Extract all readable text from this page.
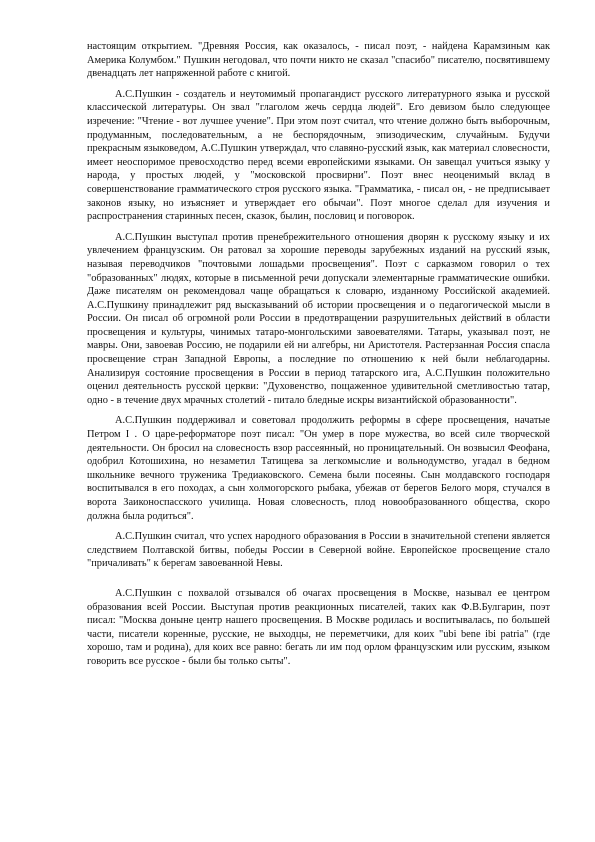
настоящим открытием. "Древняя Россия, как оказалось, - писал поэт, - найдена Карамзиным как Америка Колумбом." Пушкин негодовал, что почти никто не сказал "спасибо" писателю, посвятившему двенадцать лет напряженной работе с книгой.

А.С.Пушкин - создатель и неутомимый пропагандист русского литературного языка и русской классической литературы. Он звал "глаголом жечь сердца людей". Его девизом было следующее изречение: "Чтение - вот лучшее учение". При этом поэт считал, что чтение должно быть выборочным, продуманным, последовательным, а не беспорядочным, эпизодическим, случайным. Будучи прекрасным языковедом, А.С.Пушкин утверждал, что славяно-русский язык, как материал словесности, имеет неоспоримое превосходство перед всеми европейскими языками. Он завещал учиться языку у народа, у простых людей, у "московской просвирни". Поэт внес неоценимый вклад в совершенствование грамматического строя русского языка. "Грамматика, - писал он, - не предписывает законов языку, но изъясняет и утверждает его обычаи". Поэт многое сделал для изучения и распространения старинных песен, сказок, былин, пословиц и поговорок.

А.С.Пушкин выступал против пренебрежительного отношения дворян к русскому языку и их увлечением французским. Он ратовал за хорошие переводы зарубежных изданий на русский язык, называя переводчиков "почтовыми лошадьми просвещения". Поэт с сарказмом говорил о тех "образованных" людях, которые в письменной речи допускали элементарные грамматические ошибки. Даже писателям он рекомендовал чаще обращаться к словарю, изданному Российской академией. А.С.Пушкину принадлежит ряд высказываний об истории просвещения и о педагогической мысли в России. Он писал об огромной роли России в предотвращении разрушительных действий в области просвещения и культуры, чинимых татаро-монгольскими завоевателями. Татары, указывал поэт, не мавры. Они, завоевав Россию, не подарили ей ни алгебры, ни Аристотеля. Растерзанная Россия спасла просвещение стран Западной Европы, а последние по отношению к ней были неблагодарны. Анализируя состояние просвещения в России в период татарского ига, А.С.Пушкин положительно оценил деятельность русской церкви: "Духовенство, пощаженное удивительной сметливостью татар, одно - в течение двух мрачных столетий - питало бледные искры византийской образованности".

А.С.Пушкин поддерживал и советовал продолжить реформы в сфере просвещения, начатые Петром I . О царе-реформаторе поэт писал: "Он умер в поре мужества, во всей силе творческой деятельности. Он бросил на словесность взор рассеянный, но проницательный. Он возвысил Феофана, одобрил Котошихина, но незаметил Татищева за легкомыслие и вольнодумство, угадал в бедном школьнике вечного труженика Тредиаковского. Семена были посеяны. Сын молдавского господаря воспитывался в его походах, а сын холмогорского рыбака, убежав от берегов Белого моря, стучался в ворота Заиконоспасского училища. Новая словесность, плод новообразованного общества, скоро должна была родиться".

А.С.Пушкин считал, что успех народного образования в России в значительной степени является следствием Полтавской битвы, победы России в Северной войне. Европейское просвещение стало "причаливать" к берегам завоеванной Невы.

А.С.Пушкин с похвалой отзывался об очагах просвещения в Москве, называл ее центром образования всей России. Выступая против реакционных писателей, таких как Ф.В.Булгарин, поэт писал: "Москва доныне центр нашего просвещения. В Москве родилась и воспитывалась, по большей части, писатели коренные, русские, не выходцы, не переметчики, для коих "ubi bene ibi patria" (где хорошо, там и родина), для коих все равно: бегать ли им под орлом французским или русским, языком говорить все русское - были бы только сыты".
